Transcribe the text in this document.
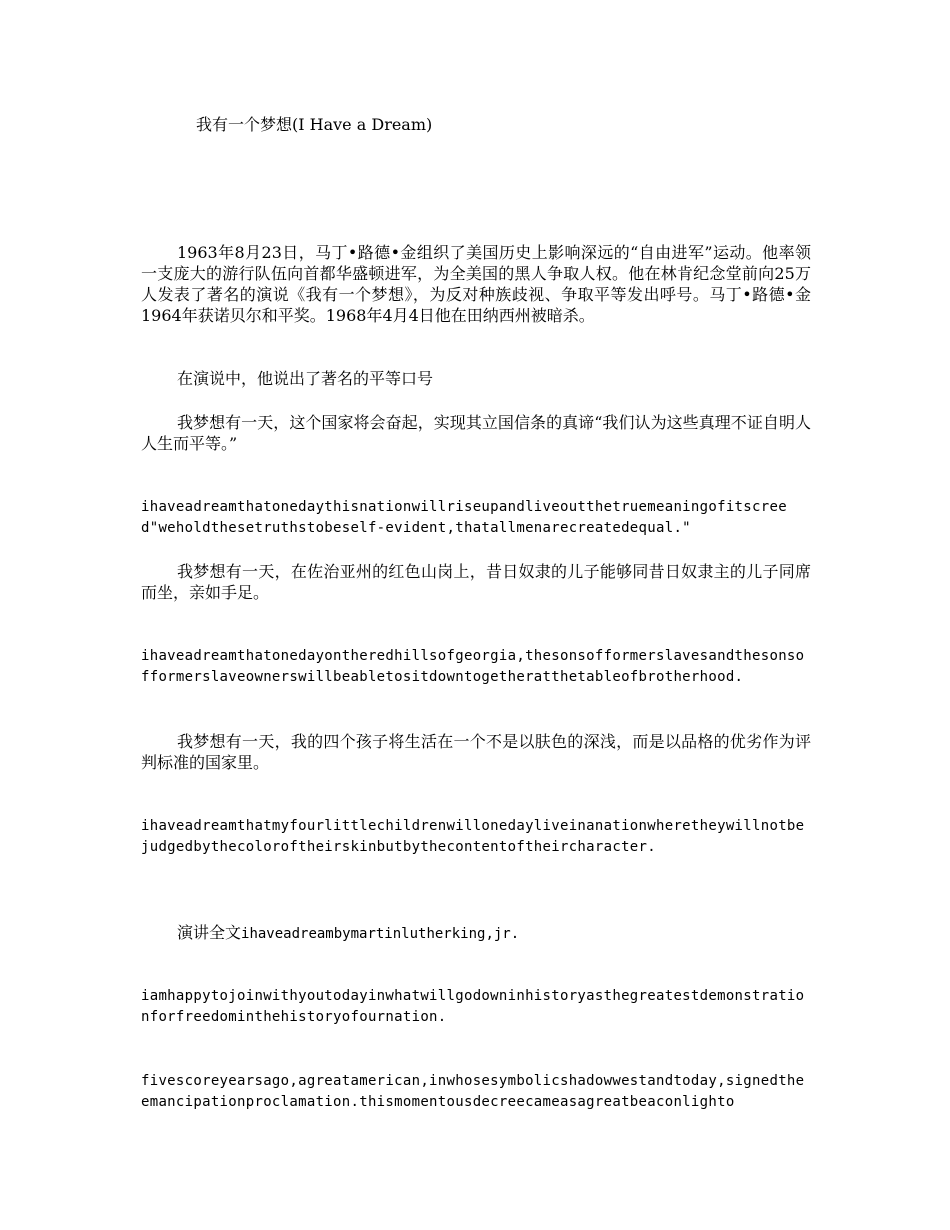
我有一个梦想(I Have a Dream)
1963年8月23日，马丁•路德•金组织了美国历史上影响深远的“自由进军”运动。他率领一支庞大的游行队伍向首都华盛顿进军，为全美国的黑人争取人权。他在林肯纪念堂前向25万人发表了著名的演说《我有一个梦想》，为反对种族歧视、争取平等发出呼号。马丁•路德•金1964年获诺贝尔和平奖。1968年4月4日他在田纳西州被暗杀。
在演说中，他说出了著名的平等口号
我梦想有一天，这个国家将会奋起，实现其立国信条的真谛“我们认为这些真理不证自明人人生而平等。”
ihaveadreamthatonedaythisnationwillriseupandliveoutthetruemeaningofitscreed"weholdthesetruthstobeself-evident,thatallmenarecreatedequal."
我梦想有一天，在佐治亚州的红色山岗上，昔日奴隶的儿子能够同昔日奴隶主的儿子同席而坐，亲如手足。
ihaveadreamthatonedayontheredhillsofgeorgia,thesonsofformerslavesandthesonsofformerslaveownerswillbeabletositdowntogetheratthetableofbrotherhood.
我梦想有一天，我的四个孩子将生活在一个不是以肤色的深浅，而是以品格的优劣作为评判标准的国家里。
ihaveadreamthatmyfourlittlechildrenwillonedayliveinanationwheretheywillnotbejudgedbythecoloroftheirskinbutbythecontentoftheircharacter.
演讲全文ihaveadreambymartinlutherking,jr.
iamhappytojoinwithyoutodayinwhatwillgodowninhistoryasthegreatestdemonstrationforfreedominthehistoryofournation.
fivescoreyearsago,agreatamerican,inwhosesymbolicshadowwestandtoday,signedtheemancipationproclamation.thismomentousdecreecameasagreatbeaconlighto
